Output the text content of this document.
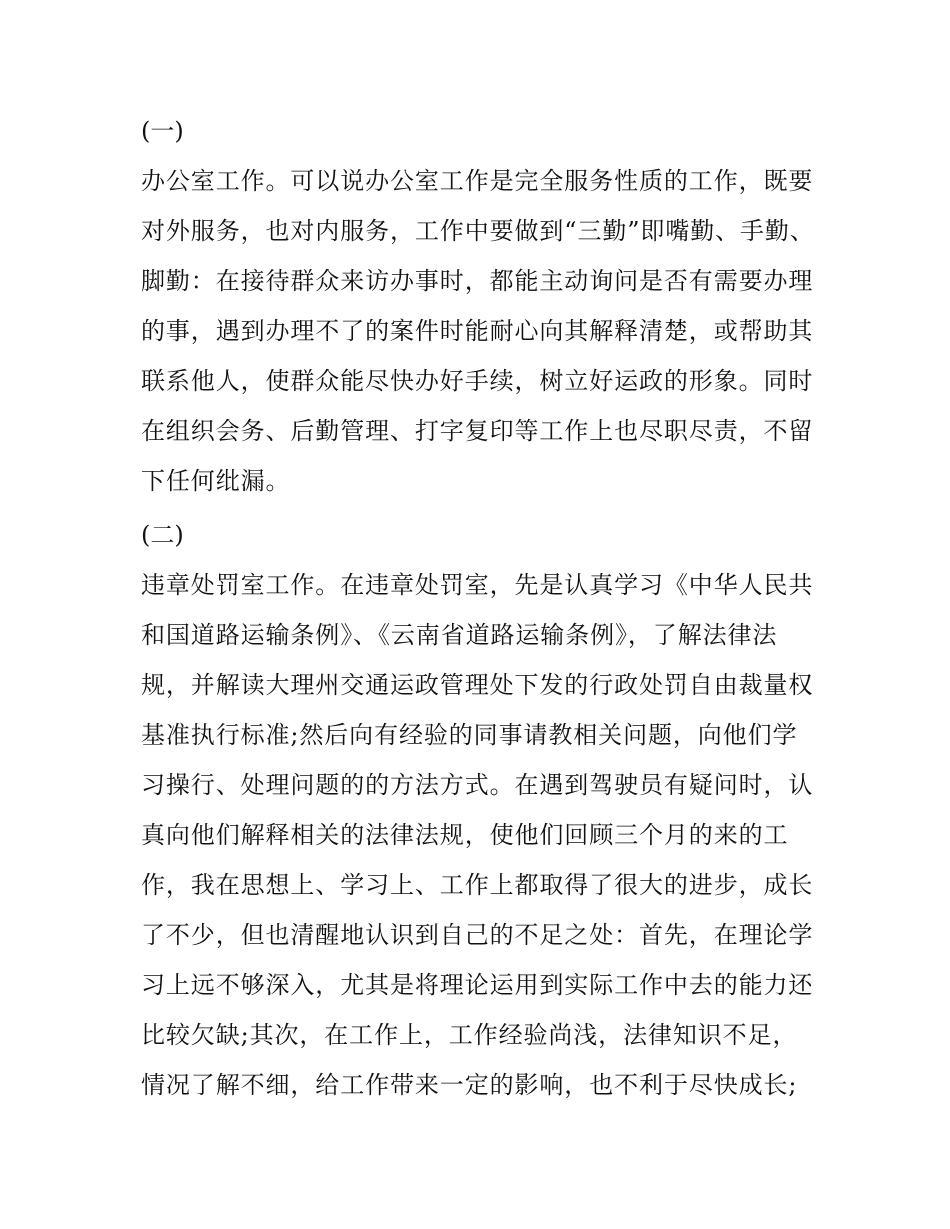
(一)
办公室工作。可以说办公室工作是完全服务性质的工作，既要
对外服务，也对内服务，工作中要做到“三勤”即嘴勤、手勤、
脚勤：在接待群众来访办事时，都能主动询问是否有需要办理
的事，遇到办理不了的案件时能耐心向其解释清楚，或帮助其
联系他人，使群众能尽快办好手续，树立好运政的形象。同时
在组织会务、后勤管理、打字复印等工作上也尽职尽责，不留
下任何纰漏。
(二)
违章处罚室工作。在违章处罚室，先是认真学习《中华人民共
和国道路运输条例》、《云南省道路运输条例》，了解法律法
规，并解读大理州交通运政管理处下发的行政处罚自由裁量权
基准执行标准;然后向有经验的同事请教相关问题，向他们学
习操行、处理问题的的方法方式。在遇到驾驶员有疑问时，认
真向他们解释相关的法律法规，使他们回顾三个月的来的工
作，我在思想上、学习上、工作上都取得了很大的进步，成长
了不少，但也清醒地认识到自己的不足之处：首先，在理论学
习上远不够深入，尤其是将理论运用到实际工作中去的能力还
比较欠缺;其次，在工作上，工作经验尚浅，法律知识不足，
情况了解不细，给工作带来一定的影响，也不利于尽快成长;
